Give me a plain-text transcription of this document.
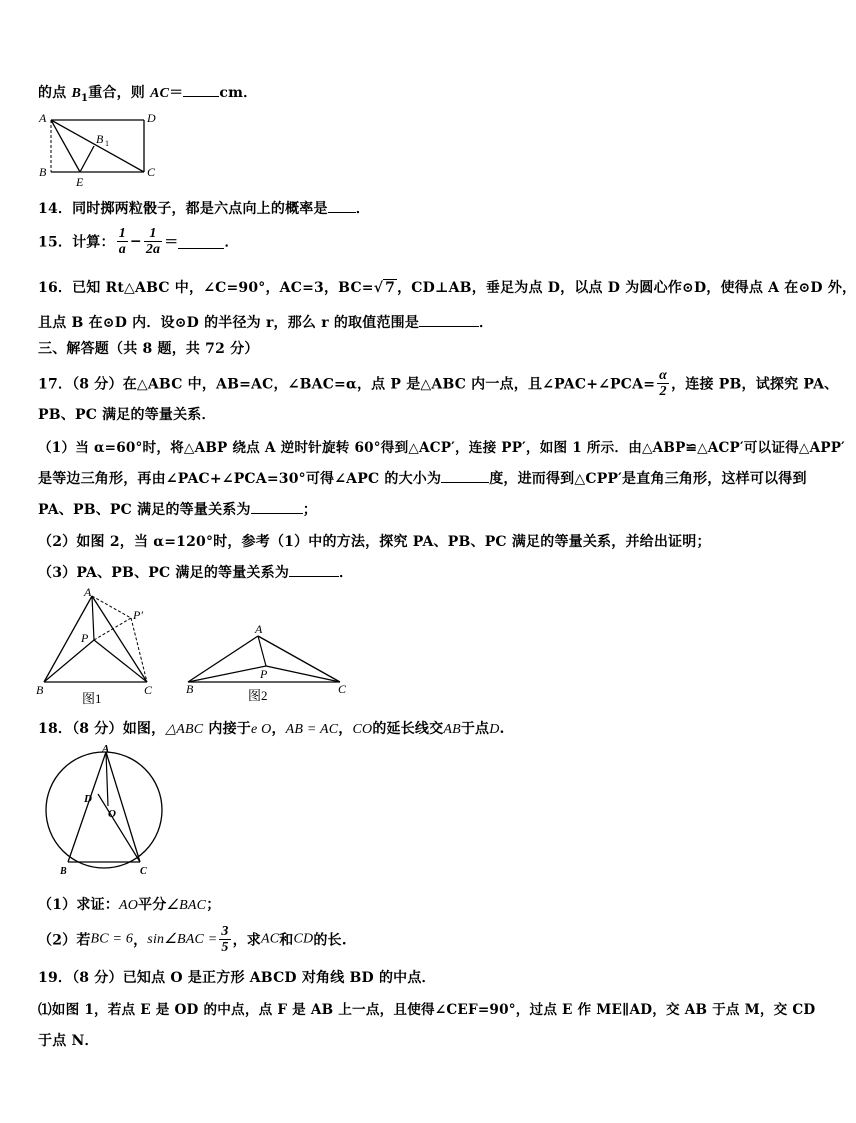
的点 $B_1$重合，则 AC＝	cm．
A	D
B 1
B
E
C
14．同时掷两粒骰子，都是六点向上的概率是 ．
15．计算： $\frac{1}{a} - \frac{1}{2a}$ ＝	．
16．已知 Rt△ABC 中，∠C=90°，AC=3，BC=√ 7 ，CD⊥AB，垂足为点 D，以点 D 为圆心作⊙D，使得点 A 在⊙D 外，
且点 B 在⊙D 内．设⊙D 的半径为 r，那么 r 的取值范围是	．
三、解答题（共 8 题，共 72 分）
17．（8 分）在△ABC 中，AB=AC，∠BAC=α，点 P 是△ABC 内一点，且∠PAC+∠PCA= $\frac{\alpha}{2}$ ，连接 PB，试探究 PA、
PB、PC 满足的等量关系．
（1）当 α=60°时，将△ABP 绕点 A 逆时针旋转 60°得到△ACP′，连接 PP′，如图 1 所示．由△ABP≌△ACP′可以证得△APP′
是等边三角形，再由∠PAC+∠PCA=30°可得∠APC 的大小为	度，进而得到△CPP′是直角三角形，这样可以得到
PA、PB、PC 满足的等量关系为	；
（2）如图 2，当 α=120°时，参考（1）中的方法，探究 PA、PB、PC 满足的等量关系，并给出证明；
（3）PA、PB、PC 满足的等量关系为	．
A
P
P′
B	C
图1
A
P
B	C
图2
18．（8 分）如图，△ABC 内接于e O，AB = AC，CO的延长线交AB于点D.
A
D
O
B	C
（1）求证：AO平分∠BAC；
（2）若BC = 6，sin∠BAC = $\frac{3}{5}$ ，求AC和CD的长.
19．（8 分）已知点 O 是正方形 ABCD 对角线 BD 的中点．
⑴如图 1，若点 E 是 OD 的中点，点 F 是 AB 上一点，且使得∠CEF=90°，过点 E 作 ME∥AD，交 AB 于点 M，交 CD
于点 N．
